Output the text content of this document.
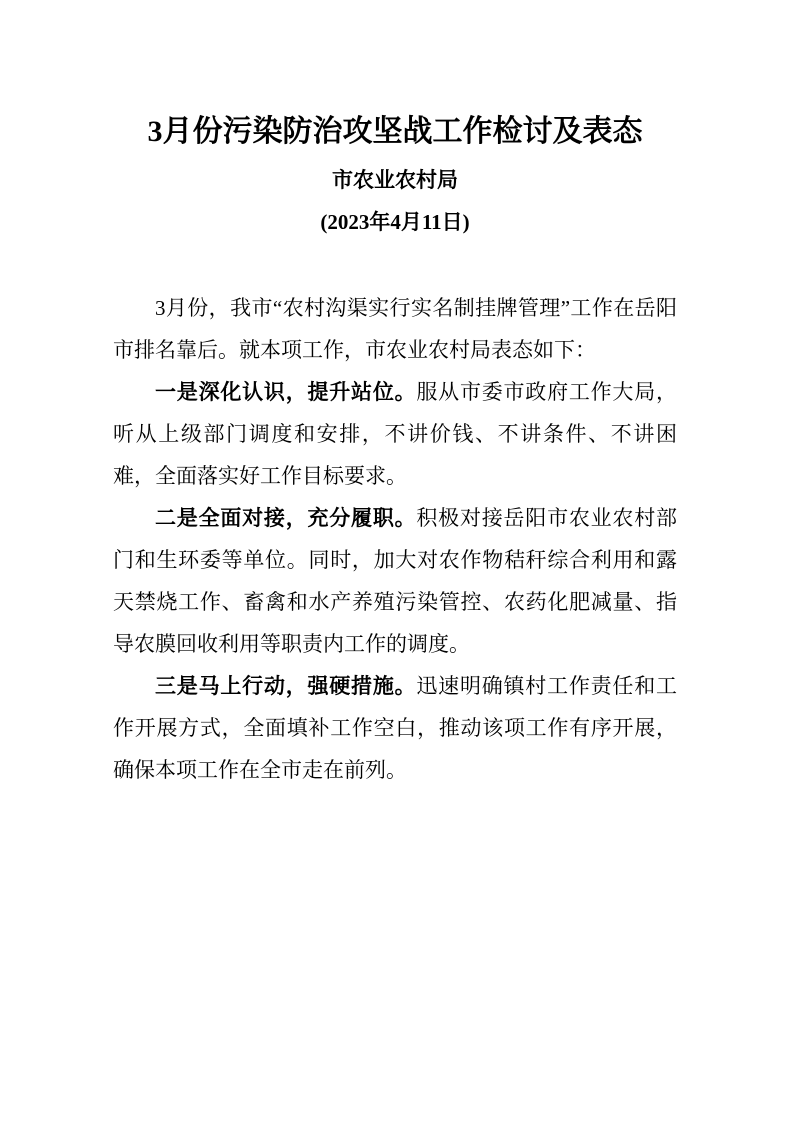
3月份污染防治攻坚战工作检讨及表态
市农业农村局
(2023年4月11日)

3月份，我市“农村沟渠实行实名制挂牌管理”工作在岳阳市排名靠后。就本项工作，市农业农村局表态如下：

一是深化认识，提升站位。服从市委市政府工作大局，听从上级部门调度和安排，不讲价钱、不讲条件、不讲困难，全面落实好工作目标要求。

二是全面对接，充分履职。积极对接岳阳市农业农村部门和生环委等单位。同时，加大对农作物秸秆综合利用和露天禁烧工作、畜禽和水产养殖污染管控、农药化肥减量、指导农膜回收利用等职责内工作的调度。

三是马上行动，强硬措施。迅速明确镇村工作责任和工作开展方式，全面填补工作空白，推动该项工作有序开展，确保本项工作在全市走在前列。
